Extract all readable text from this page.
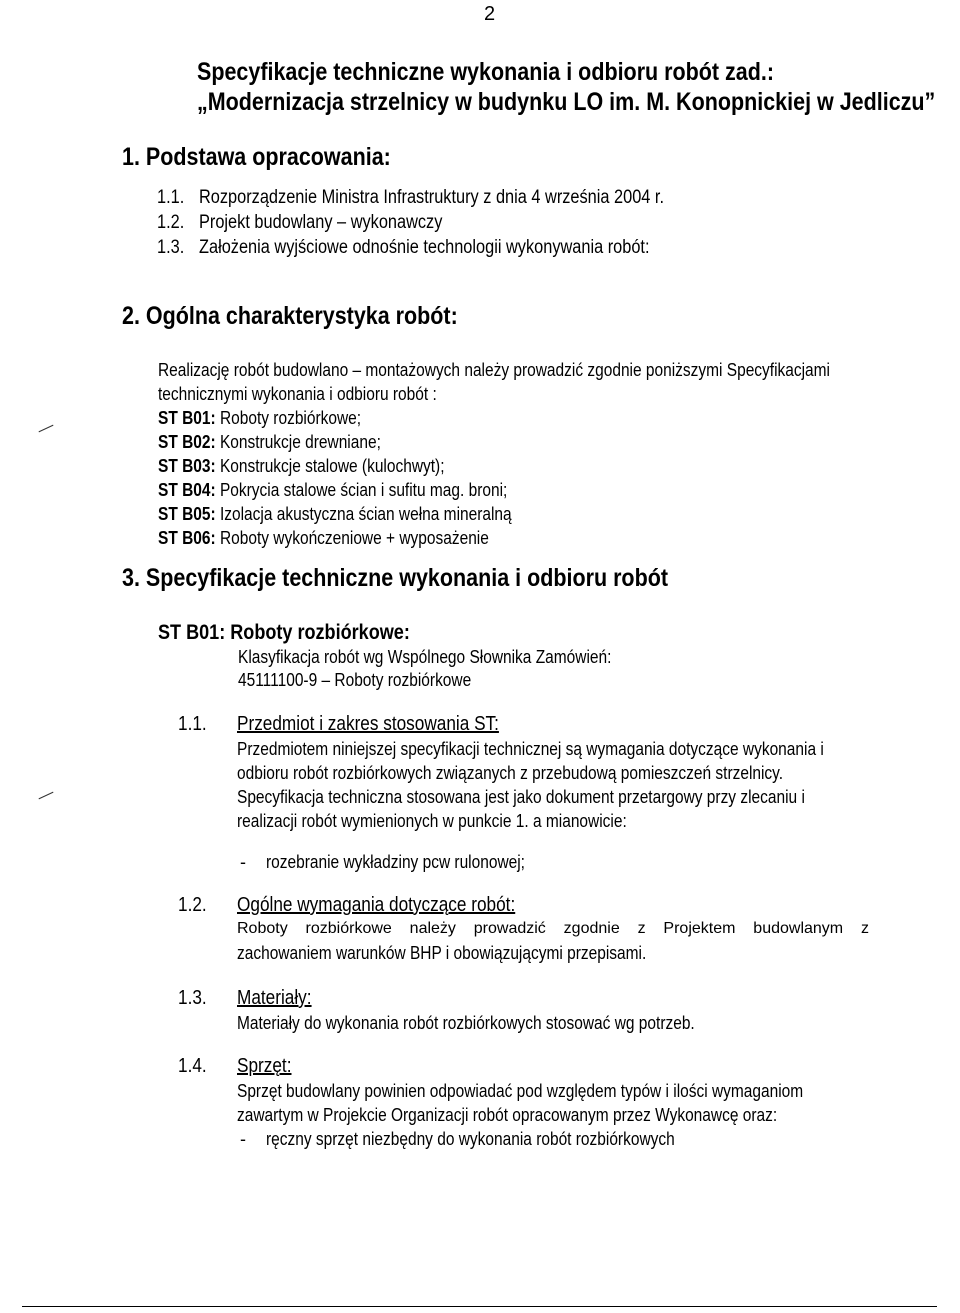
2
Specyfikacje techniczne wykonania i odbioru robót zad.:
„Modernizacja strzelnicy w budynku LO im. M. Konopnickiej w Jedliczu”
1. Podstawa opracowania:
1.1. Rozporządzenie Ministra Infrastruktury z dnia 4 września 2004 r.
1.2. Projekt budowlany – wykonawczy
1.3. Założenia wyjściowe odnośnie technologii wykonywania robót:
2. Ogólna charakterystyka robót:
Realizację robót budowlano – montażowych należy prowadzić zgodnie poniższymi Specyfikacjami
technicznymi wykonania i odbioru robót :
ST B01: Roboty rozbiórkowe;
ST B02: Konstrukcje drewniane;
ST B03: Konstrukcje stalowe (kulochwyt);
ST B04: Pokrycia stalowe ścian i sufitu mag. broni;
ST B05: Izolacja akustyczna ścian wełna mineralną
ST B06: Roboty wykończeniowe + wyposażenie
3. Specyfikacje techniczne wykonania i odbioru robót
ST B01: Roboty rozbiórkowe:
Klasyfikacja robót wg Wspólnego Słownika Zamówień:
45111100-9 – Roboty rozbiórkowe
1.1. Przedmiot i zakres stosowania ST:
Przedmiotem niniejszej specyfikacji technicznej są wymagania dotyczące wykonania i
odbioru robót rozbiórkowych związanych z przebudową pomieszczeń strzelnicy.
Specyfikacja techniczna stosowana jest jako dokument przetargowy przy zlecaniu i
realizacji robót wymienionych w punkcie 1. a mianowicie:
- rozebranie wykładziny pcw rulonowej;
1.2. Ogólne wymagania dotyczące robót:
Roboty rozbiórkowe należy prowadzić zgodnie z Projektem budowlanym z
zachowaniem warunków BHP i obowiązującymi przepisami.
1.3. Materiały:
Materiały do wykonania robót rozbiórkowych stosować wg potrzeb.
1.4. Sprzęt:
Sprzęt budowlany powinien odpowiadać pod względem typów i ilości wymaganiom
zawartym w Projekcie Organizacji robót opracowanym przez Wykonawcę oraz:
- ręczny sprzęt niezbędny do wykonania robót rozbiórkowych
